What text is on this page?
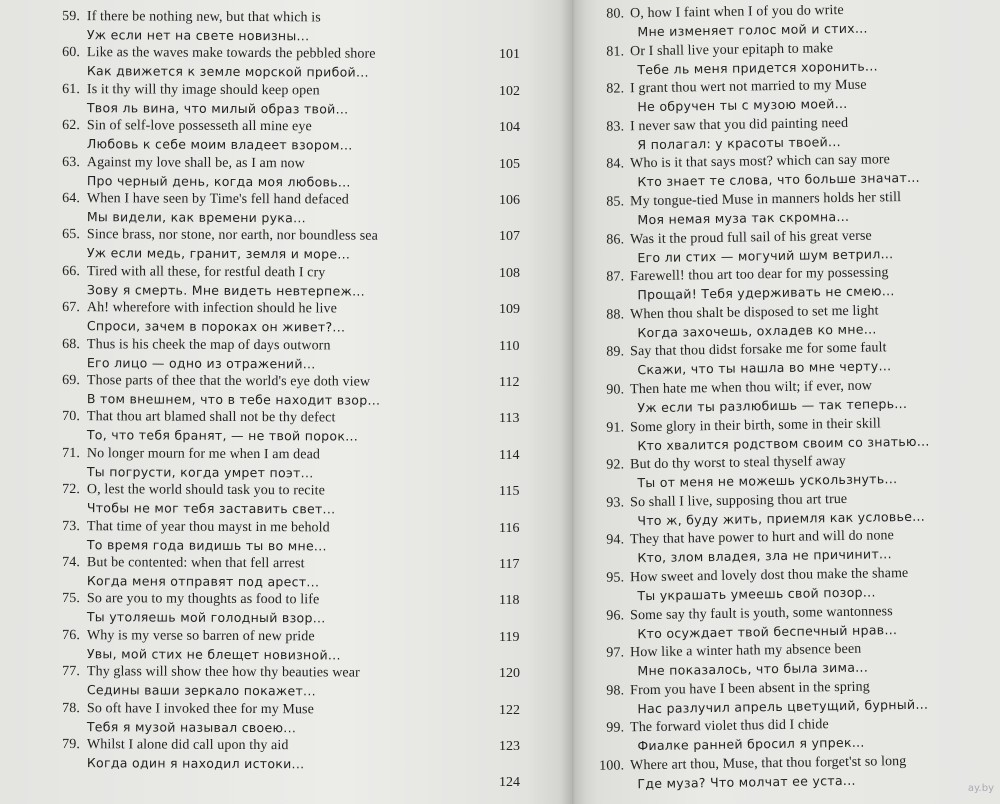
59. If there be nothing new, but that which is
Уж если нет на свете новизны...
60. Like as the waves make towards the pebbled shore
Как движется к земле морской прибой...
101
61. Is it thy will thy image should keep open
Твоя ль вина, что милый образ твой...
102
62. Sin of self-love possesseth all mine eye
Любовь к себе моим владеет взором...
104
63. Against my love shall be, as I am now
Про черный день, когда моя любовь...
105
64. When I have seen by Time's fell hand defaced
Мы видели, как времени рука...
106
65. Since brass, nor stone, nor earth, nor boundless sea
Уж если медь, гранит, земля и море...
107
66. Tired with all these, for restful death I cry
Зову я смерть. Мне видеть невтерпеж...
108
67. Ah! wherefore with infection should he live
Спроси, зачем в пороках он живет?...
109
68. Thus is his cheek the map of days outworn
Его лицо — одно из отражений...
110
69. Those parts of thee that the world's eye doth view
В том внешнем, что в тебе находит взор...
112
70. That thou art blamed shall not be thy defect
То, что тебя бранят, — не твой порок...
113
71. No longer mourn for me when I am dead
Ты погрусти, когда умрет поэт...
114
72. O, lest the world should task you to recite
Чтобы не мог тебя заставить свет...
115
73. That time of year thou mayst in me behold
То время года видишь ты во мне...
116
74. But be contented: when that fell arrest
Когда меня отправят под арест...
117
75. So are you to my thoughts as food to life
Ты утоляешь мой голодный взор...
118
76. Why is my verse so barren of new pride
Увы, мой стих не блещет новизной...
119
77. Thy glass will show thee how thy beauties wear
Седины ваши зеркало покажет...
120
78. So oft have I invoked thee for my Muse
Тебя я музой называл своею...
122
79. Whilst I alone did call upon thy aid
Когда один я находил истоки...
123
124
80. O, how I faint when I of you do write
Мне изменяет голос мой и стих...
81. Or I shall live your epitaph to make
Тебе ль меня придется хоронить...
82. I grant thou wert not married to my Muse
Не обручен ты с музою моей...
83. I never saw that you did painting need
Я полагал: у красоты твоей...
84. Who is it that says most? which can say more
Кто знает те слова, что больше значат...
85. My tongue-tied Muse in manners holds her still
Моя немая муза так скромна...
86. Was it the proud full sail of his great verse
Его ли стих — могучий шум ветрил...
87. Farewell! thou art too dear for my possessing
Прощай! Тебя удерживать не смею...
88. When thou shalt be disposed to set me light
Когда захочешь, охладев ко мне...
89. Say that thou didst forsake me for some fault
Скажи, что ты нашла во мне черту...
90. Then hate me when thou wilt; if ever, now
Уж если ты разлюбишь — так теперь...
91. Some glory in their birth, some in their skill
Кто хвалится родством своим со знатью...
92. But do thy worst to steal thyself away
Ты от меня не можешь ускользнуть...
93. So shall I live, supposing thou art true
Что ж, буду жить, приемля как условье...
94. They that have power to hurt and will do none
Кто, злом владея, зла не причинит...
95. How sweet and lovely dost thou make the shame
Ты украшать умеешь свой позор...
96. Some say thy fault is youth, some wantonness
Кто осуждает твой беспечный нрав...
97. How like a winter hath my absence been
Мне показалось, что была зима...
98. From you have I been absent in the spring
Нас разлучил апрель цветущий, бурный...
99. The forward violet thus did I chide
Фиалке ранней бросил я упрек...
100. Where art thou, Muse, that thou forget'st so long
Где муза? Что молчат ее уста...	ay.by
